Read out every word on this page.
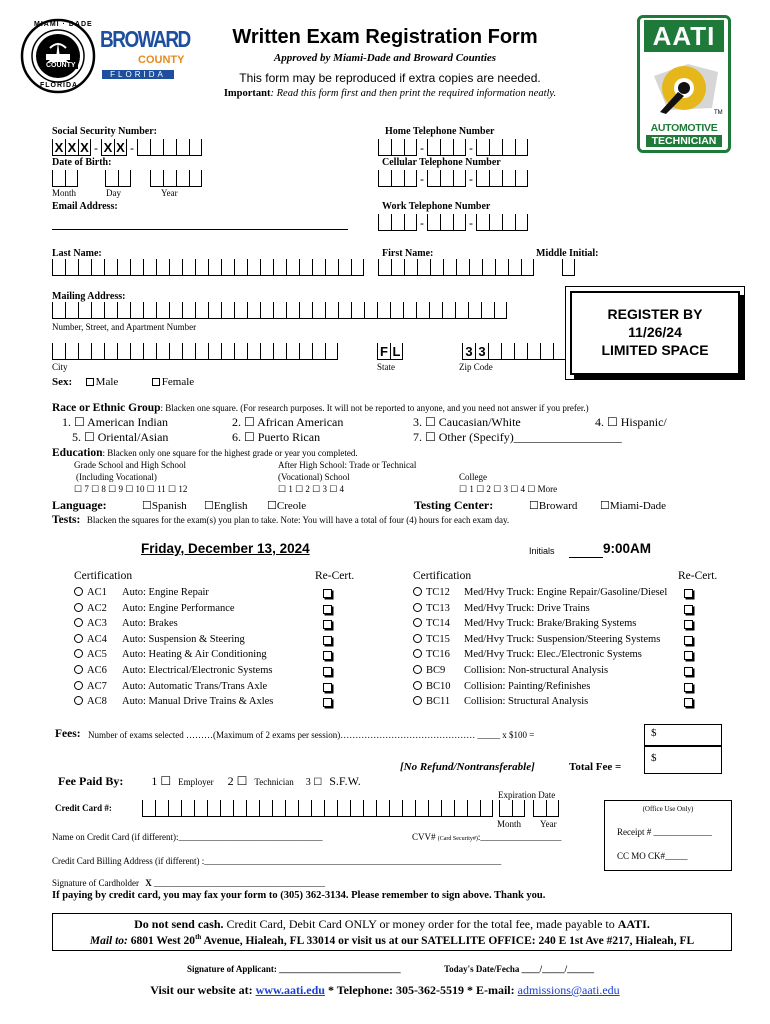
MIAMI · DADE
COUNTY
FLORIDA
BROWARD
COUNTY
FLORIDA
AATI
TM
AUTOMOTIVE
TECHNICIAN
Written Exam Registration Form
Approved by Miami-Dade and Broward Counties
This form may be reproduced if extra copies are needed.
Important: Read this form first and then print the required information neatly.
Social Security Number:
X X X - X X -
Home Telephone Number
-	-
Date of Birth:	Cellular Telephone Number
-	-
Month	Day	Year
Email Address:	Work Telephone Number
-	-
Last Name:	First Name:	Middle Initial:
Mailing Address:
Number, Street, and Apartment Number
F L	3 3
City	State	Zip Code
Sex: Male	Female
REGISTER BY
11/26/24
LIMITED SPACE
Race or Ethnic Group: Blacken one square. (For research purposes. It will not be reported to anyone, and you need not answer if you prefer.)
1. ☐ American Indian	2. ☐ African American	3. ☐ Caucasian/White	4. ☐ Hispanic/
5. ☐ Oriental/Asian	6. ☐ Puerto Rican	7. ☐ Other (Specify)__________________
Education: Blacken only one square for the highest grade or year you completed.
Grade School and High School
(Including Vocational)
☐ 7 ☐ 8 ☐ 9 ☐ 10 ☐ 11 ☐ 12
After High School: Trade or Technical
(Vocational) School
☐ 1 ☐ 2 ☐ 3 ☐ 4
College
☐ 1 ☐ 2 ☐ 3 ☐ 4 ☐ More
Language:	☐Spanish ☐English ☐Creole	Testing Center:	☐Broward ☐Miami-Dade
Tests: Blacken the squares for the exam(s) you plan to take. Note: You will have a total of four (4) hours for each exam day.
Friday, December 13, 2024	Initials	9:00AM
Certification	Re-Cert.	Certification	Re-Cert.
AC1 Auto: Engine Repair
AC2 Auto: Engine Performance
AC3 Auto: Brakes
AC4 Auto: Suspension & Steering
AC5 Auto: Heating & Air Conditioning
AC6 Auto: Electrical/Electronic Systems
AC7 Auto: Automatic Trans/Trans Axle
AC8 Auto: Manual Drive Trains & Axles
TC12 Med/Hvy Truck: Engine Repair/Gasoline/Diesel
TC13 Med/Hvy Truck: Drive Trains
TC14 Med/Hvy Truck: Brake/Braking Systems
TC15 Med/Hvy Truck: Suspension/Steering Systems
TC16 Med/Hvy Truck: Elec./Electronic Systems
BC9 Collision: Non-structural Analysis
BC10 Collision: Painting/Refinishes
BC11 Collision: Structural Analysis
Fees: Number of exams selected ………(Maximum of 2 exams per session)……………………………………… _____ x $100 =	$
[No Refund/Nontransferable]	Total Fee =
$
Fee Paid By: 1 ☐ Employer 2 ☐ Technician 3 ☐ S.F.W.
Credit Card #:
Expiration Date
Month Year
Name on Credit Card (if different):________________________________	CVV# (Card Security#):__________________
Credit Card Billing Address (if different) :__________________________________________________________________
(Office Use Only)
Receipt # _____________
CC MO CK#_____
Signature of Cardholder X ______________________________________
If paying by credit card, you may fax your form to (305) 362-3134. Please remember to sign above. Thank you.
Do not send cash. Credit Card, Debit Card ONLY or money order for the total fee, made payable to AATI.
Mail to: 6801 West 20th Avenue, Hialeah, FL 33014 or visit us at our SATELLITE OFFICE: 240 E 1st Ave #217, Hialeah, FL
Signature of Applicant: ___________________________	Today's Date/Fecha ____/_____/______
Visit our website at: www.aati.edu * Telephone: 305-362-5519 * E-mail: admissions@aati.edu
